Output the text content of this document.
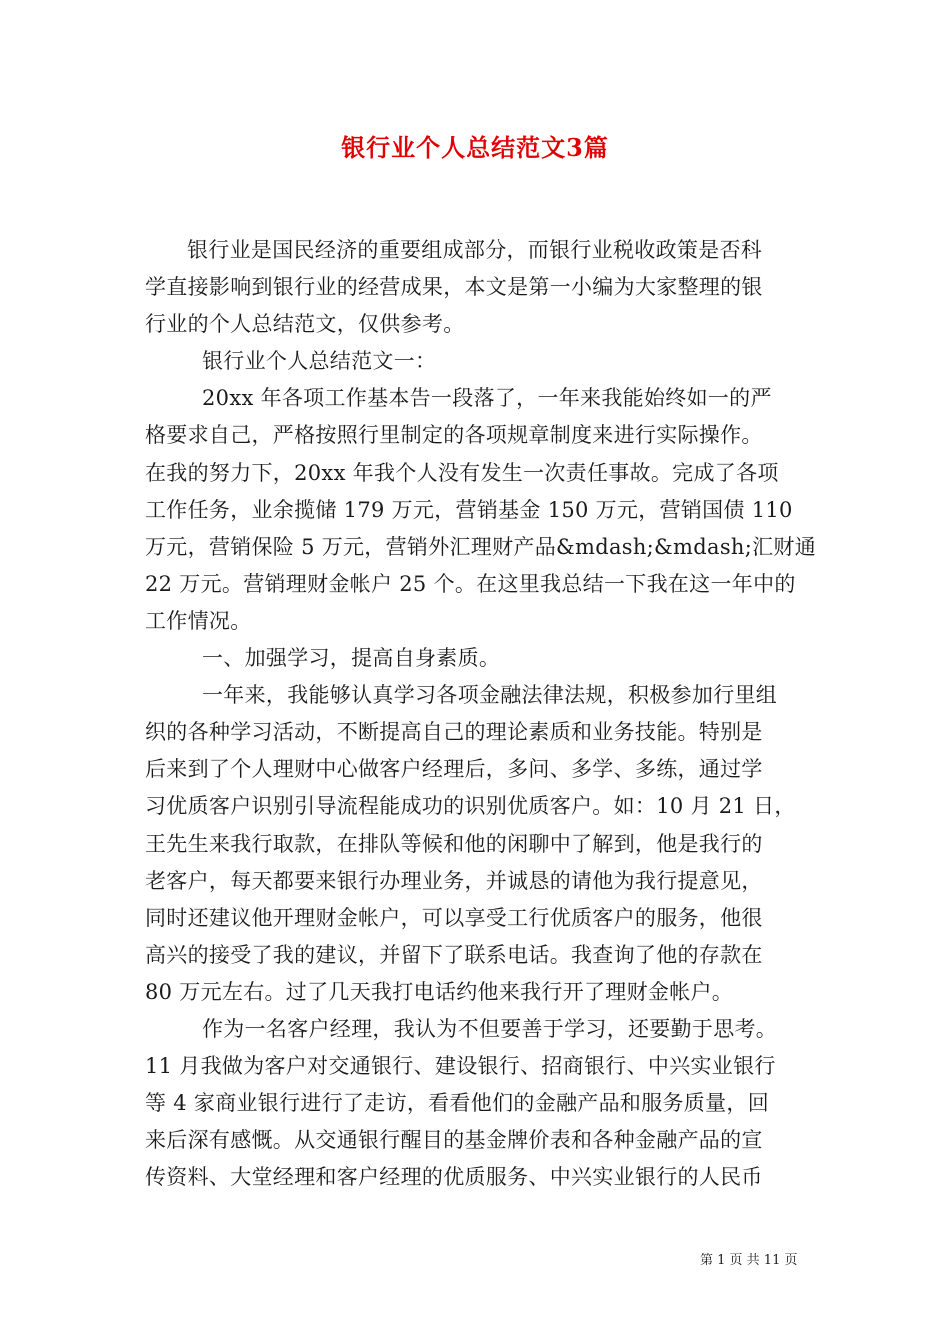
银行业个人总结范文3篇
银行业是国民经济的重要组成部分，而银行业税收政策是否科
学直接影响到银行业的经营成果，本文是第一小编为大家整理的银
行业的个人总结范文，仅供参考。
银行业个人总结范文一：
20xx 年各项工作基本告一段落了，一年来我能始终如一的严
格要求自己，严格按照行里制定的各项规章制度来进行实际操作。
在我的努力下，20xx 年我个人没有发生一次责任事故。完成了各项
工作任务，业余揽储 179 万元，营销基金 150 万元，营销国债 110
万元，营销保险 5 万元，营销外汇理财产品&mdash;&mdash;汇财通
22 万元。营销理财金帐户 25 个。在这里我总结一下我在这一年中的
工作情况。
一、加强学习，提高自身素质。
一年来，我能够认真学习各项金融法律法规，积极参加行里组
织的各种学习活动，不断提高自己的理论素质和业务技能。特别是
后来到了个人理财中心做客户经理后，多问、多学、多练，通过学
习优质客户识别引导流程能成功的识别优质客户。如：10 月 21 日，
王先生来我行取款，在排队等候和他的闲聊中了解到，他是我行的
老客户，每天都要来银行办理业务，并诚恳的请他为我行提意见，
同时还建议他开理财金帐户，可以享受工行优质客户的服务，他很
高兴的接受了我的建议，并留下了联系电话。我查询了他的存款在
80 万元左右。过了几天我打电话约他来我行开了理财金帐户。
作为一名客户经理，我认为不但要善于学习，还要勤于思考。
11 月我做为客户对交通银行、建设银行、招商银行、中兴实业银行
等 4 家商业银行进行了走访，看看他们的金融产品和服务质量，回
来后深有感慨。从交通银行醒目的基金牌价表和各种金融产品的宣
传资料、大堂经理和客户经理的优质服务、中兴实业银行的人民币
第 1 页 共 11 页
